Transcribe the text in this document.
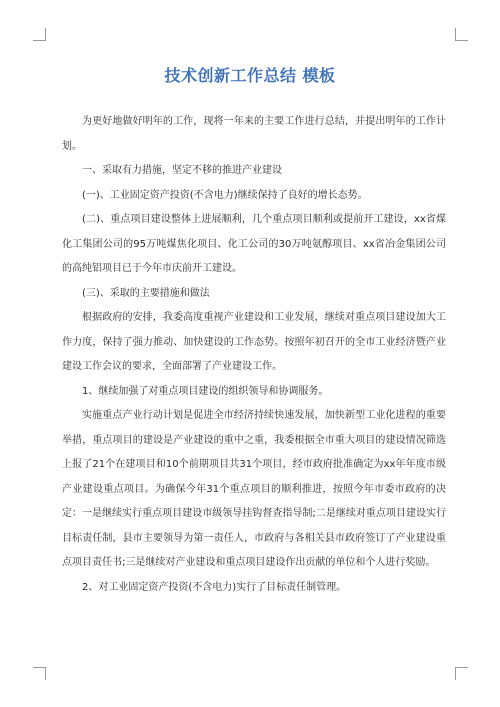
技术创新工作总结 模板

为更好地做好明年的工作，现将一年来的主要工作进行总结，并提出明年的工作计划。

一、采取有力措施，坚定不移的推进产业建设

(一)、工业固定资产投资(不含电力)继续保持了良好的增长态势。

(二)、重点项目建设整体上进展顺利，几个重点项目顺利或提前开工建设，xx省煤化工集团公司的95万吨煤焦化项目、化工公司的30万吨氨醇项目、xx省冶金集团公司的高纯铝项目已于今年市庆前开工建设。

(三)、采取的主要措施和做法

根据政府的安排，我委高度重视产业建设和工业发展，继续对重点项目建设加大工作力度，保持了强力推动、加快建设的工作态势。按照年初召开的全市工业经济暨产业建设工作会议的要求，全面部署了产业建设工作。

1、继续加强了对重点项目建设的组织领导和协调服务。

实施重点产业行动计划是促进全市经济持续快速发展，加快新型工业化进程的重要举措，重点项目的建设是产业建设的重中之重，我委根据全市重大项目的建设情况筛选上报了21个在建项目和10个前期项目共31个项目，经市政府批准确定为xx年年度市级产业建设重点项目。为确保今年31个重点项目的顺利推进，按照今年市委市政府的决定：一是继续实行重点项目建设市级领导挂钩督查指导制;二是继续对重点项目建设实行目标责任制，县市主要领导为第一责任人，市政府与各相关县市政府签订了产业建设重点项目责任书;三是继续对产业建设和重点项目建设作出贡献的单位和个人进行奖励。

2、对工业固定资产投资(不含电力)实行了目标责任制管理。
